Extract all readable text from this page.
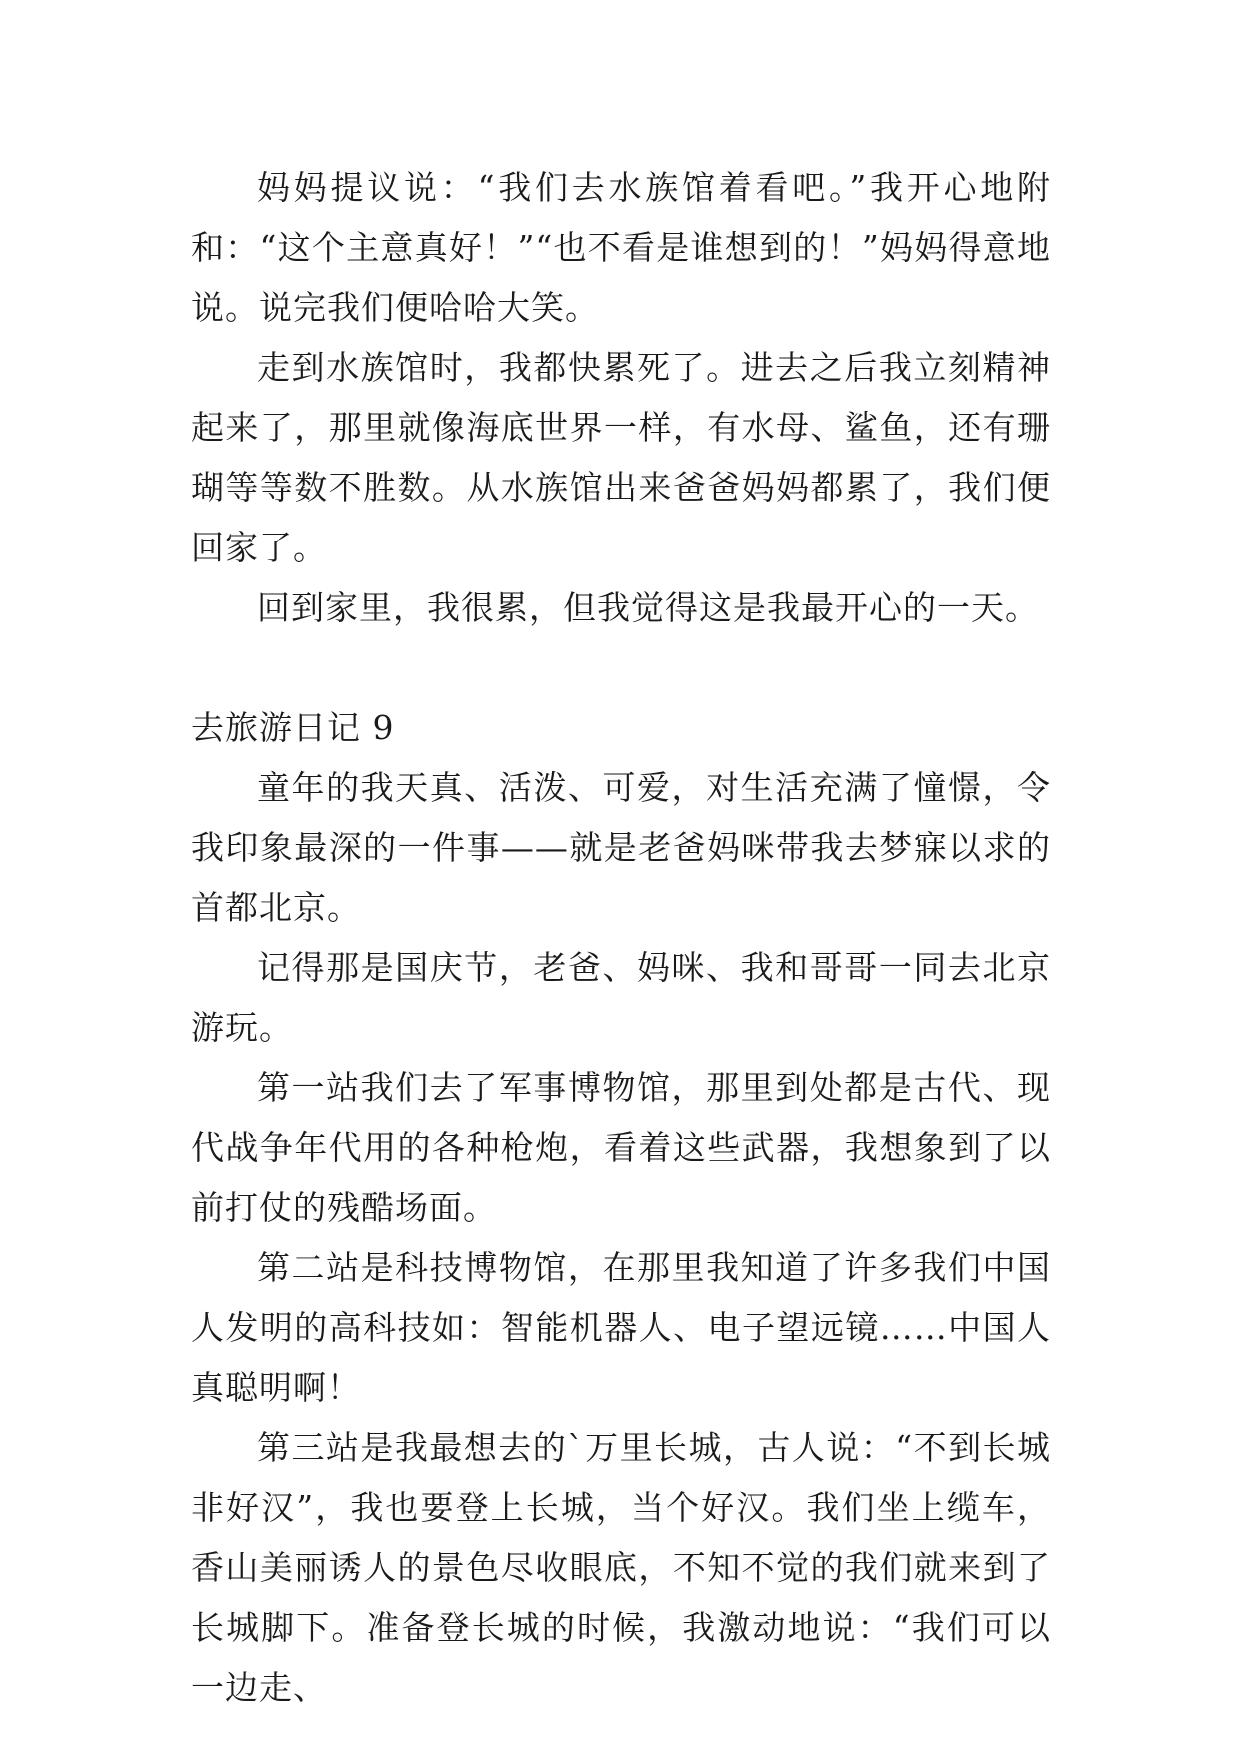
妈妈提议说：“我们去水族馆着看吧。”我开心地附和：“这个主意真好！”“也不看是谁想到的！”妈妈得意地说。说完我们便哈哈大笑。

走到水族馆时，我都快累死了。进去之后我立刻精神起来了，那里就像海底世界一样，有水母、鲨鱼，还有珊瑚等等数不胜数。从水族馆出来爸爸妈妈都累了，我们便回家了。

回到家里，我很累，但我觉得这是我最开心的一天。

去旅游日记 9

童年的我天真、活泼、可爱，对生活充满了憧憬，令我印象最深的一件事——就是老爸妈咪带我去梦寐以求的首都北京。

记得那是国庆节，老爸、妈咪、我和哥哥一同去北京游玩。

第一站我们去了军事博物馆，那里到处都是古代、现代战争年代用的各种枪炮，看着这些武器，我想象到了以前打仗的残酷场面。

第二站是科技博物馆，在那里我知道了许多我们中国人发明的高科技如：智能机器人、电子望远镜……中国人真聪明啊！

第三站是我最想去的`万里长城，古人说：“不到长城非好汉”，我也要登上长城，当个好汉。我们坐上缆车，香山美丽诱人的景色尽收眼底，不知不觉的我们就来到了长城脚下。准备登长城的时候，我激动地说：“我们可以一边走、
